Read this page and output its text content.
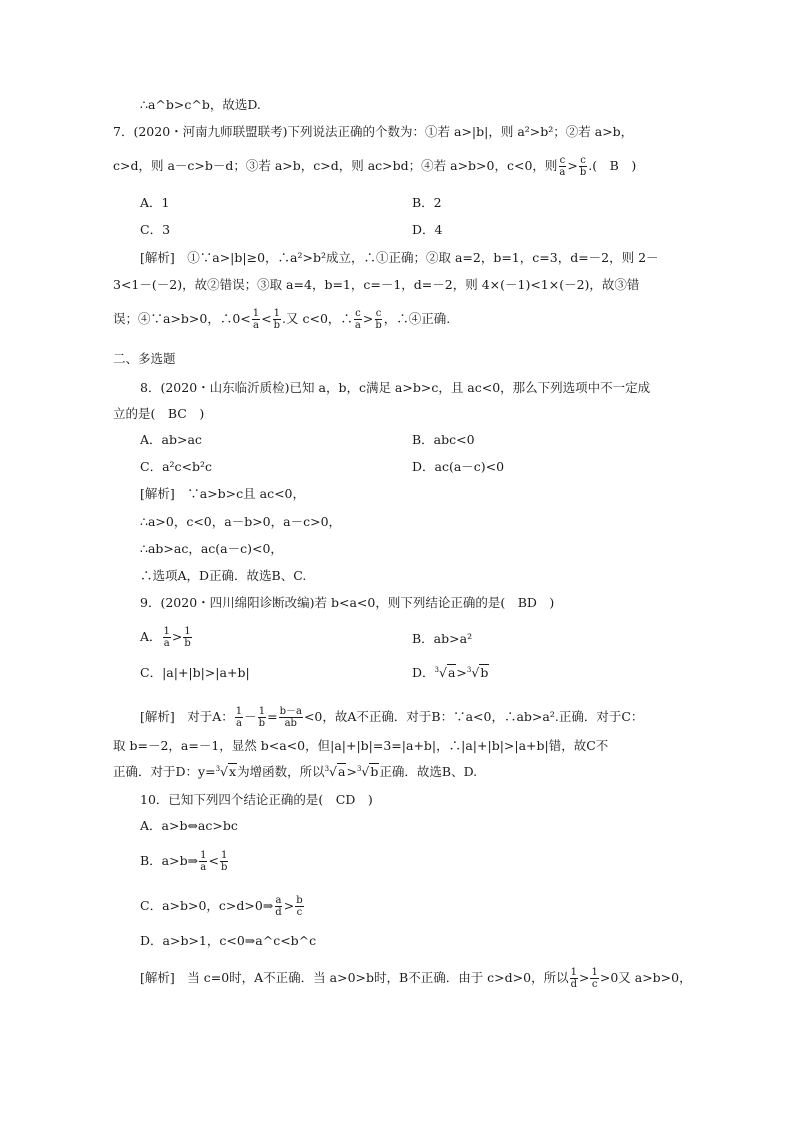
∴a^b>c^b，故选D.
7．(2020・河南九师联盟联考)下列说法正确的个数为：①若 a>|b|，则 a²>b²；②若 a>b，
c>d，则 a－c>b－d；③若 a>b，c>d，则 ac>bd；④若 a>b>0，c<0，则 $\frac{c}{a} > \frac{c}{b}$ .(　B　)
A．1	B．2
C．3	D．4
[解析]　①∵a>|b|≥0，∴a²>b²成立，∴①正确；②取 a=2，b=1，c=3，d=－2，则 2－
3<1－(－2)，故②错误；③取 a=4，b=1，c=－1，d=－2，则 4×(－1)<1×(－2)，故③错
误；④∵a>b>0，∴0< $\frac{1}{a} < \frac{1}{b}$ .又 c<0，∴ $\frac{c}{a} > \frac{c}{b}$ ，∴④正确.
二、多选题
8．(2020・山东临沂质检)已知 a，b，c满足 a>b>c，且 ac<0，那么下列选项中不一定成
立的是(　BC　)
A．ab>ac	B．abc<0
C．a²c<b²c	D．ac(a－c)<0
[解析]　∵a>b>c且 ac<0，
∴a>0，c<0，a－b>0，a－c>0，
∴ab>ac，ac(a－c)<0，
∴选项A，D正确．故选B、C.
9．(2020・四川绵阳诊断改编)若 b<a<0，则下列结论正确的是(　BD　)
A． $\frac{1}{a} > \frac{1}{b}$	B．ab>a²
C．|a|+|b|>|a+b|	D．$^3$√a>$^3$√b
[解析]　对于A： $\frac{1}{a} - \frac{1}{b} = \frac{b-a}{ab} <0$，故A不正确．对于B：∵a<0，∴ab>a².正确．对于C：
取 b=－2，a=－1，显然 b<a<0，但|a|+|b|=3=|a+b|，∴|a|+|b|>|a+b|错，故C不
正确．对于D：y=$^3$√x为增函数，所以$^3$√a>$^3$√b正确．故选B、D.
10．已知下列四个结论正确的是(　CD　)
A．a>b⇔ac>bc
B．a>b⇒ $\frac{1}{a} < \frac{1}{b}$
C．a>b>0，c>d>0⇒ $\frac{a}{d} > \frac{b}{c}$
D．a>b>1，c<0⇒a^c<b^c
[解析]　当 c=0时，A不正确．当 a>0>b时，B不正确．由于 c>d>0，所以 $\frac{1}{d} > \frac{1}{c} >0$又 a>b>0，
